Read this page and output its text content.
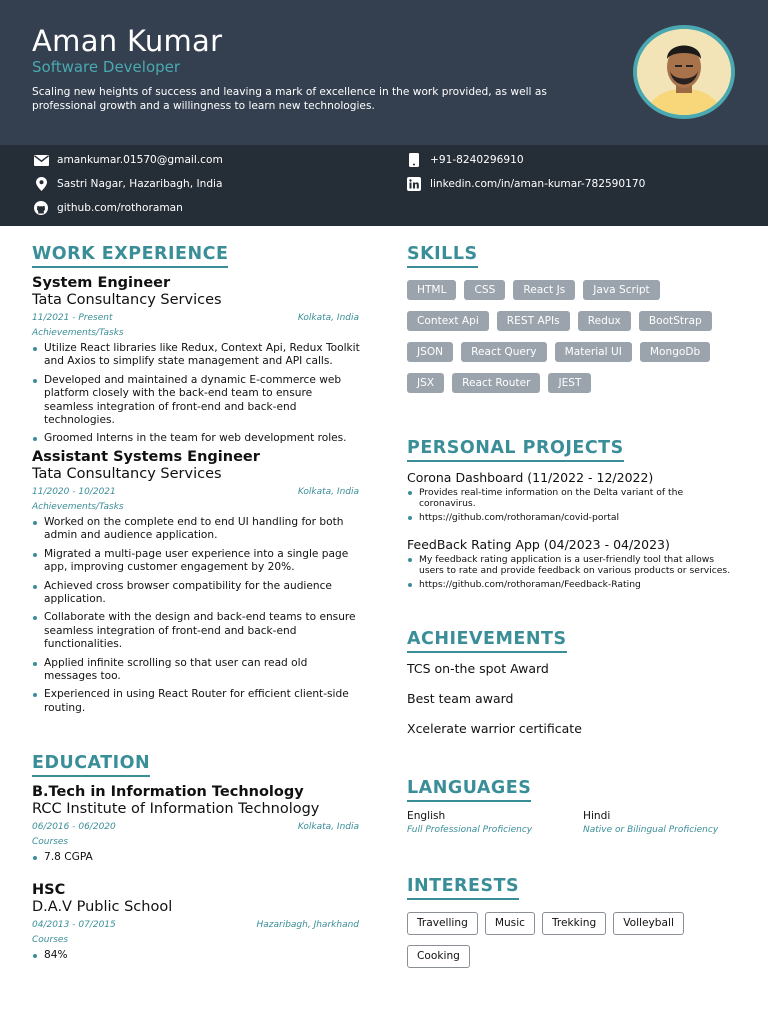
Aman Kumar
Software Developer
Scaling new heights of success and leaving a mark of excellence in the work provided, as well as professional growth and a willingness to learn new technologies.
amankumar.01570@gmail.com
Sastri Nagar, Hazaribagh, India
github.com/rothoraman
+91-8240296910
linkedin.com/in/aman-kumar-782590170
WORK EXPERIENCE
System Engineer
Tata Consultancy Services
11/2021 - Present	Kolkata, India
Achievements/Tasks
Utilize React libraries like Redux, Context Api, Redux Toolkit and Axios to simplify state management and API calls.
Developed and maintained a dynamic E-commerce web platform closely with the back-end team to ensure seamless integration of front-end and back-end technologies.
Groomed Interns in the team for web development roles.
Assistant Systems Engineer
Tata Consultancy Services
11/2020 - 10/2021	Kolkata, India
Achievements/Tasks
Worked on the complete end to end UI handling for both admin and audience application.
Migrated a multi-page user experience into a single page app, improving customer engagement by 20%.
Achieved cross browser compatibility for the audience application.
Collaborate with the design and back-end teams to ensure seamless integration of front-end and back-end functionalities.
Applied infinite scrolling so that user can read old messages too.
Experienced in using React Router for efficient client-side routing.
EDUCATION
B.Tech in Information Technology
RCC Institute of Information Technology
06/2016 - 06/2020	Kolkata, India
Courses
7.8 CGPA
HSC
D.A.V Public School
04/2013 - 07/2015	Hazaribagh, Jharkhand
Courses
84%
SKILLS
HTML	CSS	React Js	Java Script
Context Api	REST APIs	Redux	BootStrap
JSON	React Query	Material UI	MongoDb
JSX	React Router	JEST
PERSONAL PROJECTS
Corona Dashboard (11/2022 - 12/2022)
Provides real-time information on the Delta variant of the coronavirus.
https://github.com/rothoraman/covid-portal
FeedBack Rating App (04/2023 - 04/2023)
My feedback rating application is a user-friendly tool that allows users to rate and provide feedback on various products or services.
https://github.com/rothoraman/Feedback-Rating
ACHIEVEMENTS
TCS on-the spot Award
Best team award
Xcelerate warrior certificate
LANGUAGES
English
Full Professional Proficiency
Hindi
Native or Bilingual Proficiency
INTERESTS
Travelling	Music	Trekking	Volleyball
Cooking
